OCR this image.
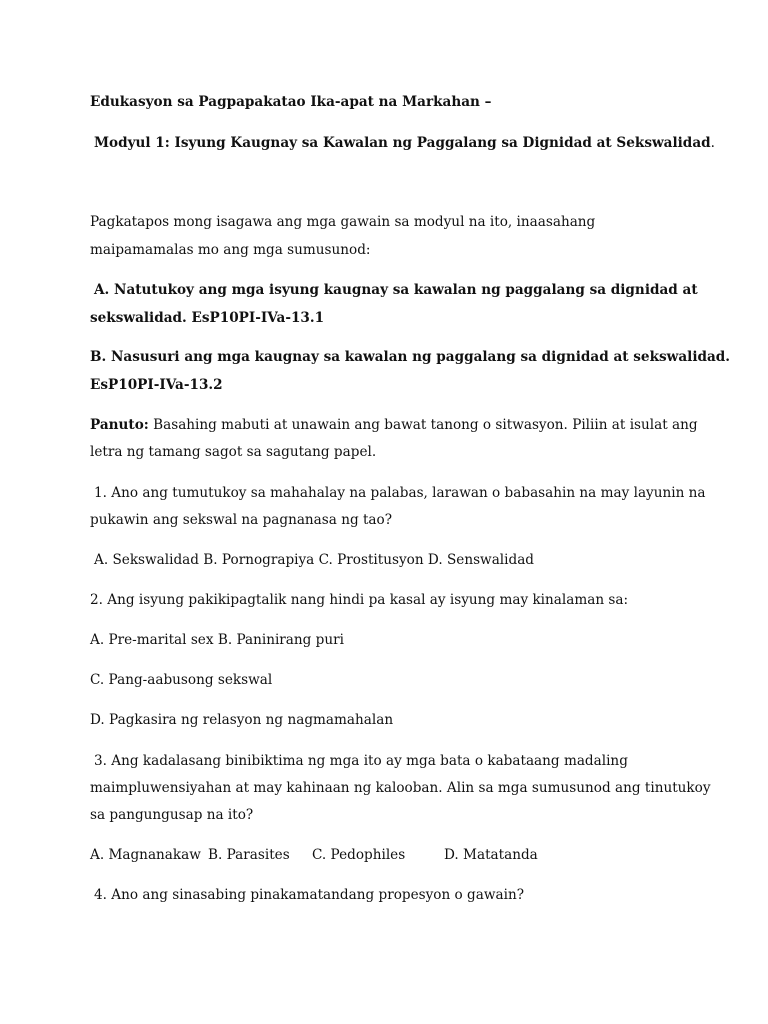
Edukasyon sa Pagpapakatao Ika-apat na Markahan –
Modyul 1: Isyung Kaugnay sa Kawalan ng Paggalang sa Dignidad at Sekswalidad.
Pagkatapos mong isagawa ang mga gawain sa modyul na ito, inaasahang
maipamamalas mo ang mga sumusunod:
A. Natutukoy ang mga isyung kaugnay sa kawalan ng paggalang sa dignidad at
sekswalidad. EsP10PI-IVa-13.1
B. Nasusuri ang mga kaugnay sa kawalan ng paggalang sa dignidad at sekswalidad.
EsP10PI-IVa-13.2
Panuto: Basahing mabuti at unawain ang bawat tanong o sitwasyon. Piliin at isulat ang
letra ng tamang sagot sa sagutang papel.
1. Ano ang tumutukoy sa mahahalay na palabas, larawan o babasahin na may layunin na
pukawin ang sekswal na pagnanasa ng tao?
A. Sekswalidad B. Pornograpiya C. Prostitusyon D. Senswalidad
2. Ang isyung pakikipagtalik nang hindi pa kasal ay isyung may kinalaman sa:
A. Pre-marital sex B. Paninirang puri
C. Pang-aabusong sekswal
D. Pagkasira ng relasyon ng nagmamahalan
3. Ang kadalasang binibiktima ng mga ito ay mga bata o kabataang madaling
maimpluwensiyahan at may kahinaan ng kalooban. Alin sa mga sumusunod ang tinutukoy
sa pangungusap na ito?
A. Magnanakaw B. Parasites C. Pedophiles	D. Matatanda
4. Ano ang sinasabing pinakamatandang propesyon o gawain?
